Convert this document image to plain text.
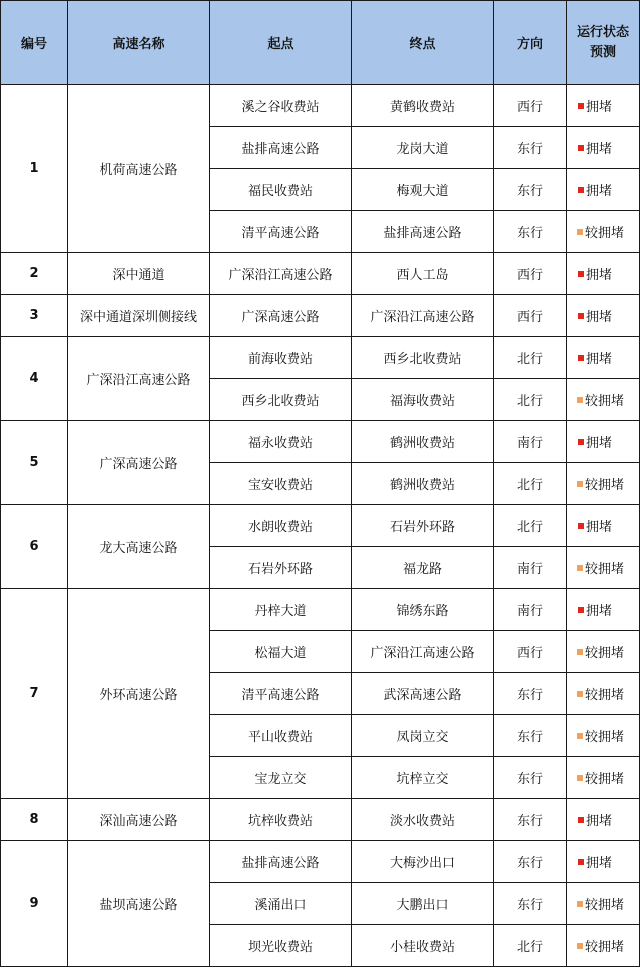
编号	高速名称	起点	终点	方向	运行状态预测
1	机荷高速公路	溪之谷收费站	黄鹤收费站	西行	拥堵
		盐排高速公路	龙岗大道	东行	拥堵
		福民收费站	梅观大道	东行	拥堵
		清平高速公路	盐排高速公路	东行	较拥堵
2	深中通道	广深沿江高速公路	西人工岛	西行	拥堵
3	深中通道深圳侧接线	广深高速公路	广深沿江高速公路	西行	拥堵
4	广深沿江高速公路	前海收费站	西乡北收费站	北行	拥堵
		西乡北收费站	福海收费站	北行	较拥堵
5	广深高速公路	福永收费站	鹤洲收费站	南行	拥堵
		宝安收费站	鹤洲收费站	北行	较拥堵
6	龙大高速公路	水朗收费站	石岩外环路	北行	拥堵
		石岩外环路	福龙路	南行	较拥堵
7	外环高速公路	丹梓大道	锦绣东路	南行	拥堵
		松福大道	广深沿江高速公路	西行	较拥堵
		清平高速公路	武深高速公路	东行	较拥堵
		平山收费站	凤岗立交	东行	较拥堵
		宝龙立交	坑梓立交	东行	较拥堵
8	深汕高速公路	坑梓收费站	淡水收费站	东行	拥堵
9	盐坝高速公路	盐排高速公路	大梅沙出口	东行	拥堵
		溪涌出口	大鹏出口	东行	较拥堵
		坝光收费站	小桂收费站	北行	较拥堵
